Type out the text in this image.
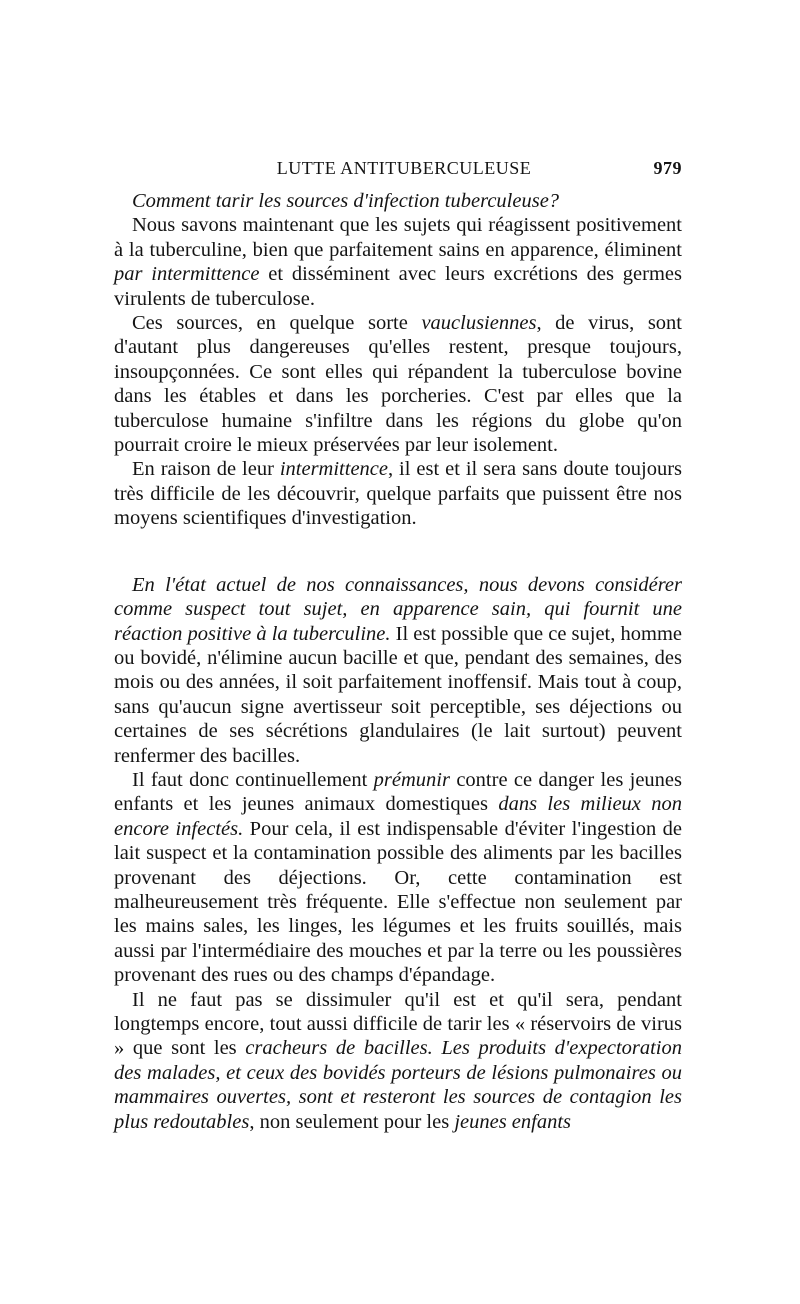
LUTTE ANTITUBERCULEUSE	979

Comment tarir les sources d'infection tuberculeuse?

Nous savons maintenant que les sujets qui réagissent positivement à la tuberculine, bien que parfaitement sains en apparence, éliminent par intermittence et disséminent avec leurs excrétions des germes virulents de tuberculose.

Ces sources, en quelque sorte vauclusiennes, de virus, sont d'autant plus dangereuses qu'elles restent, presque toujours, insoupçonnées. Ce sont elles qui répandent la tuberculose bovine dans les étables et dans les porcheries. C'est par elles que la tuberculose humaine s'infiltre dans les régions du globe qu'on pourrait croire le mieux préservées par leur isolement.

En raison de leur intermittence, il est et il sera sans doute toujours très difficile de les découvrir, quelque parfaits que puissent être nos moyens scientifiques d'investigation.

En l'état actuel de nos connaissances, nous devons considérer comme suspect tout sujet, en apparence sain, qui fournit une réaction positive à la tuberculine. Il est possible que ce sujet, homme ou bovidé, n'élimine aucun bacille et que, pendant des semaines, des mois ou des années, il soit parfaitement inoffensif. Mais tout à coup, sans qu'aucun signe avertisseur soit perceptible, ses déjections ou certaines de ses sécrétions glandulaires (le lait surtout) peuvent renfermer des bacilles.

Il faut donc continuellement prémunir contre ce danger les jeunes enfants et les jeunes animaux domestiques dans les milieux non encore infectés. Pour cela, il est indispensable d'éviter l'ingestion de lait suspect et la contamination possible des aliments par les bacilles provenant des déjections. Or, cette contamination est malheureusement très fréquente. Elle s'effectue non seulement par les mains sales, les linges, les légumes et les fruits souillés, mais aussi par l'intermédiaire des mouches et par la terre ou les poussières provenant des rues ou des champs d'épandage.

Il ne faut pas se dissimuler qu'il est et qu'il sera, pendant longtemps encore, tout aussi difficile de tarir les « réservoirs de virus » que sont les cracheurs de bacilles. Les produits d'expectoration des malades, et ceux des bovidés porteurs de lésions pulmonaires ou mammaires ouvertes, sont et resteront les sources de contagion les plus redoutables, non seulement pour les jeunes enfants
